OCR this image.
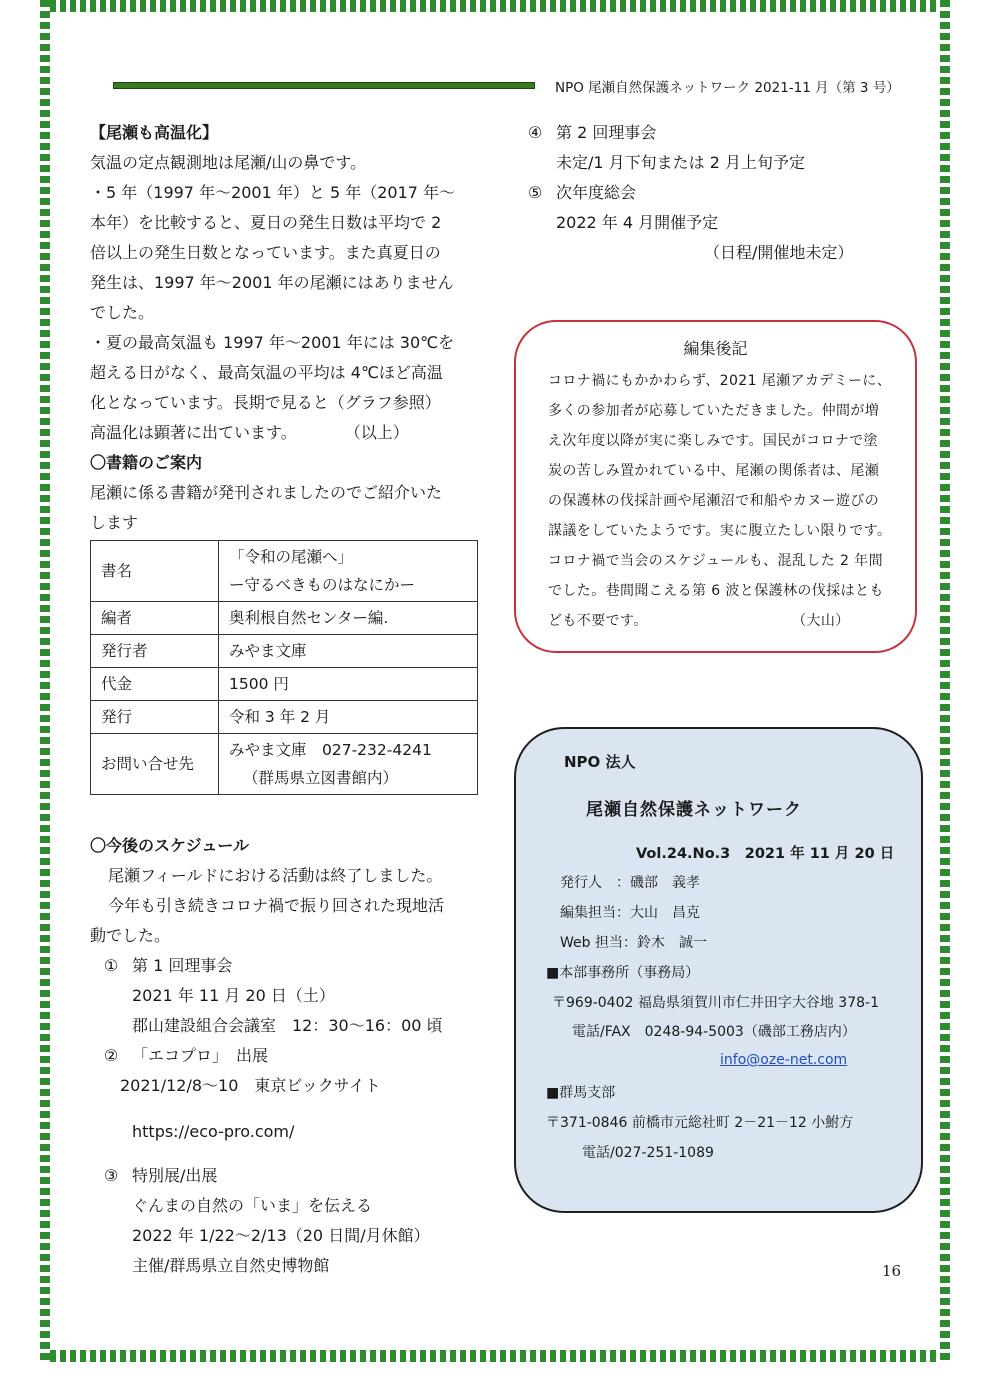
NPO 尾瀬自然保護ネットワーク 2021-11 月（第 3 号）

【尾瀬も高温化】

気温の定点観測地は尾瀬/山の鼻です。

・5 年（1997 年～2001 年）と 5 年（2017 年～

本年）を比較すると、夏日の発生日数は平均で 2

倍以上の発生日数となっています。また真夏日の

発生は、1997 年～2001 年の尾瀬にはありません

でした。

・夏の最高気温も 1997 年～2001 年には 30℃を

超える日がなく、最高気温の平均は 4℃ほど高温

化となっています。長期で見ると（グラフ参照）

高温化は顕著に出ています。　　　　（以上）

〇書籍のご案内

尾瀬に係る書籍が発刊されましたのでご紹介いた

します

書名	「令和の尾瀬へ」
ー守るべきものはなにかー

編者	奥利根自然センター編.
発行者	みやま文庫
代金	1500 円
発行	令和 3 年 2 月
お問い合せ先	みやま文庫　027-232-4241
（群馬県立図書館内）

〇今後のスケジュール

尾瀬フィールドにおける活動は終了しました。

今年も引き続きコロナ禍で振り回された現地活

動でした。

① 第 1 回理事会

2021 年 11 月 20 日（土）

郡山建設組合会議室　12：30～16：00 頃

② 「エコプロ」　出展

2021/12/8～10　東京ビックサイト

https://eco-pro.com/

③ 特別展/出展

ぐんまの自然の「いま」を伝える

2022 年 1/22～2/13（20 日間/月休館）

主催/群馬県立自然史博物館

④ 第 2 回理事会

未定/1 月下旬または 2 月上旬予定

⑤ 次年度総会

2022 年 4 月開催予定

（日程/開催地未定）

編集後記

コロナ禍にもかかわらず、2021 尾瀬アカデミーに、

多くの参加者が応募していただきました。仲間が増

え次年度以降が実に楽しみです。国民がコロナで塗

炭の苦しみ置かれている中、尾瀬の関係者は、尾瀬

の保護林の伐採計画や尾瀬沼で和船やカヌー遊びの

謀議をしていたようです。実に腹立たしい限りです。

コロナ禍で当会のスケジュールも、混乱した 2 年間

でした。巷間聞こえる第 6 波と保護林の伐採はとも

ども不要です。　　　　　　　　　　　（大山）

NPO 法人
尾瀬自然保護ネットワーク
Vol.24.No.3　2021 年 11 月 20 日
発行人　：磯部　義孝
編集担当：大山　昌克
Web 担当：鈴木　誠一
■本部事務所（事務局）
〒969-0402 福島県須賀川市仁井田字大谷地 378-1
電話/FAX　0248-94-5003（磯部工務店内）
info@oze-net.com
■群馬支部
〒371-0846 前橋市元総社町 2－21－12 小鮒方
電話/027-251-1089
16
